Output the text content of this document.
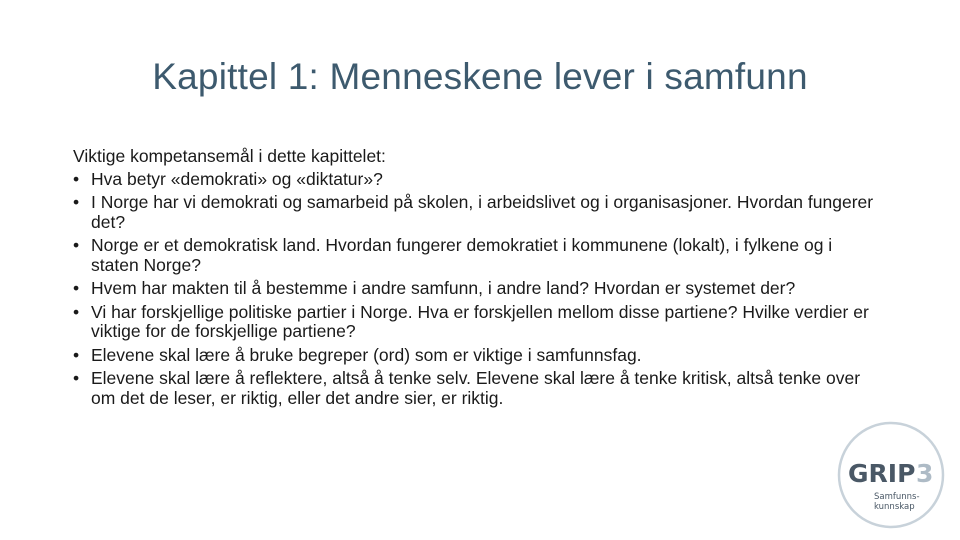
Kapittel 1: Menneskene lever i samfunn
Viktige kompetansemål i dette kapittelet:
• Hva betyr «demokrati» og «diktatur»?
• I Norge har vi demokrati og samarbeid på skolen, i arbeidslivet og i organisasjoner. Hvordan fungerer det?
• Norge er et demokratisk land. Hvordan fungerer demokratiet i kommunene (lokalt), i fylkene og i staten Norge?
• Hvem har makten til å bestemme i andre samfunn, i andre land? Hvordan er systemet der?
• Vi har forskjellige politiske partier i Norge. Hva er forskjellen mellom disse partiene? Hvilke verdier er viktige for de forskjellige partiene?
• Elevene skal lære å bruke begreper (ord) som er viktige i samfunnsfag.
• Elevene skal lære å reflektere, altså å tenke selv. Elevene skal lære å tenke kritisk, altså tenke over om det de leser, er riktig, eller det andre sier, er riktig.
GRIP 3
Samfunns-
kunnskap
